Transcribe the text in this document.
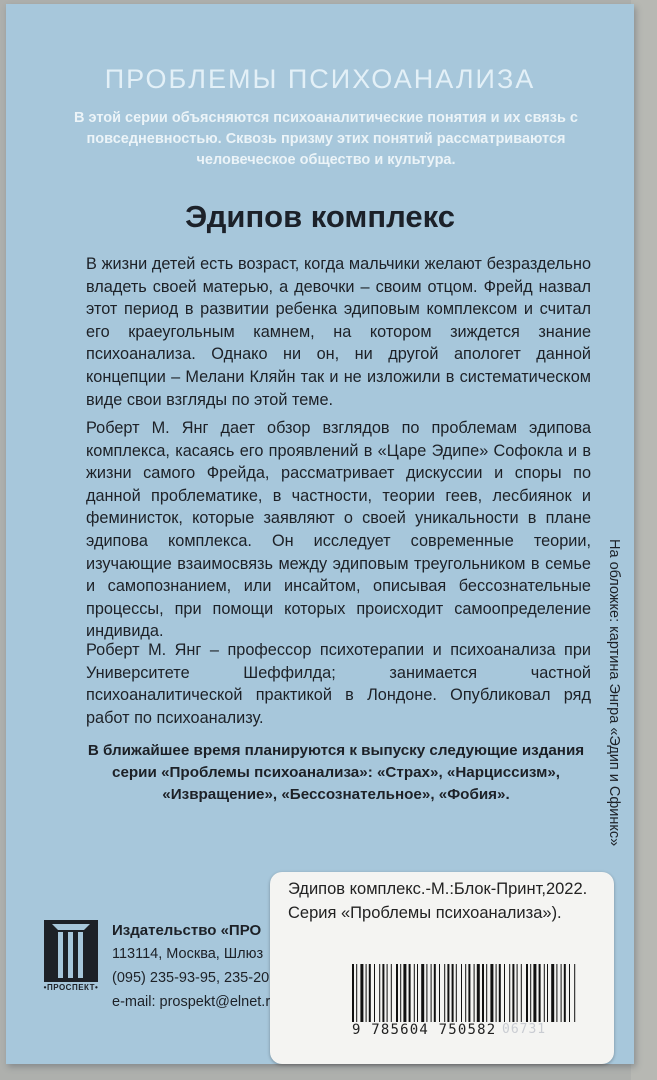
ПРОБЛЕМЫ ПСИХОАНАЛИЗА
В этой серии объясняются психоаналитические понятия и их связь с повседневностью. Сквозь призму этих понятий рассматриваются человеческое общество и культура.
Эдипов комплекс

В жизни детей есть возраст, когда мальчики желают безраздельно владеть своей матерью, а девочки – своим отцом. Фрейд назвал этот период в развитии ребенка эдиповым комплексом и считал его краеугольным камнем, на котором зиждется знание психоанализа. Однако ни он, ни другой апологет данной концепции – Мелани Кляйн так и не изложили в систематическом виде свои взгляды по этой теме.

Роберт М. Янг дает обзор взглядов по проблемам эдипова комплекса, касаясь его проявлений в «Царе Эдипе» Софокла и в жизни самого Фрейда, рассматривает дискуссии и споры по данной проблематике, в частности, теории геев, лесбиянок и феминисток, которые заявляют о своей уникальности в плане эдипова комплекса. Он исследует современные теории, изучающие взаимосвязь между эдиповым треугольником в семье и самопознанием, или инсайтом, описывая бессознательные процессы, при помощи которых происходит самоопределение индивида.

Роберт М. Янг – профессор психотерапии и психоанализа при Университете Шеффилда; занимается частной психоаналитической практикой в Лондоне. Опубликовал ряд работ по психоанализу.

В ближайшее время планируются к выпуску следующие издания серии «Проблемы психоанализа»: «Страх», «Нарциссизм», «Извращение», «Бессознательное», «Фобия».	На обложке: картина Энгра «Эдип и Сфинкс»
•ПРОСПЕКТ•
Издательство «ПРО
113114, Москва, Шлюз
(095) 235-93-95, 235-20
e-mail: prospekt@elnet.r
Эдипов комплекс.-М.:Блок-Принт,2022. Серия «Проблемы психоанализа»).
06731
9 785604 750582
